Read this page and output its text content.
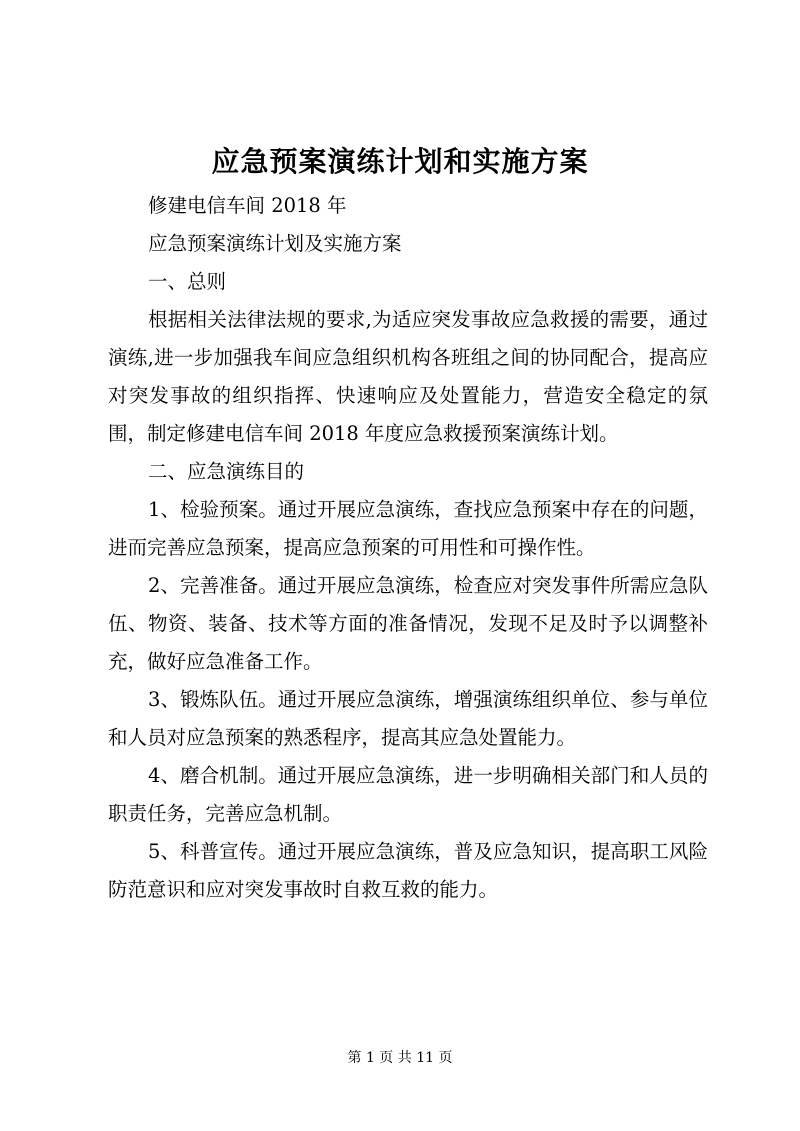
应急预案演练计划和实施方案

修建电信车间 2018 年

应急预案演练计划及实施方案

一、总则

根据相关法律法规的要求,为适应突发事故应急救援的需要，通过演练,进一步加强我车间应急组织机构各班组之间的协同配合，提高应对突发事故的组织指挥、快速响应及处置能力，营造安全稳定的氛围，制定修建电信车间 2018 年度应急救援预案演练计划。

二、应急演练目的

1、检验预案。通过开展应急演练，查找应急预案中存在的问题，进而完善应急预案，提高应急预案的可用性和可操作性。

2、完善准备。通过开展应急演练，检查应对突发事件所需应急队伍、物资、装备、技术等方面的准备情况，发现不足及时予以调整补充，做好应急准备工作。

3、锻炼队伍。通过开展应急演练，增强演练组织单位、参与单位和人员对应急预案的熟悉程序，提高其应急处置能力。

4、磨合机制。通过开展应急演练，进一步明确相关部门和人员的职责任务，完善应急机制。

5、科普宣传。通过开展应急演练，普及应急知识，提高职工风险防范意识和应对突发事故时自救互救的能力。

第 1 页 共 11 页
